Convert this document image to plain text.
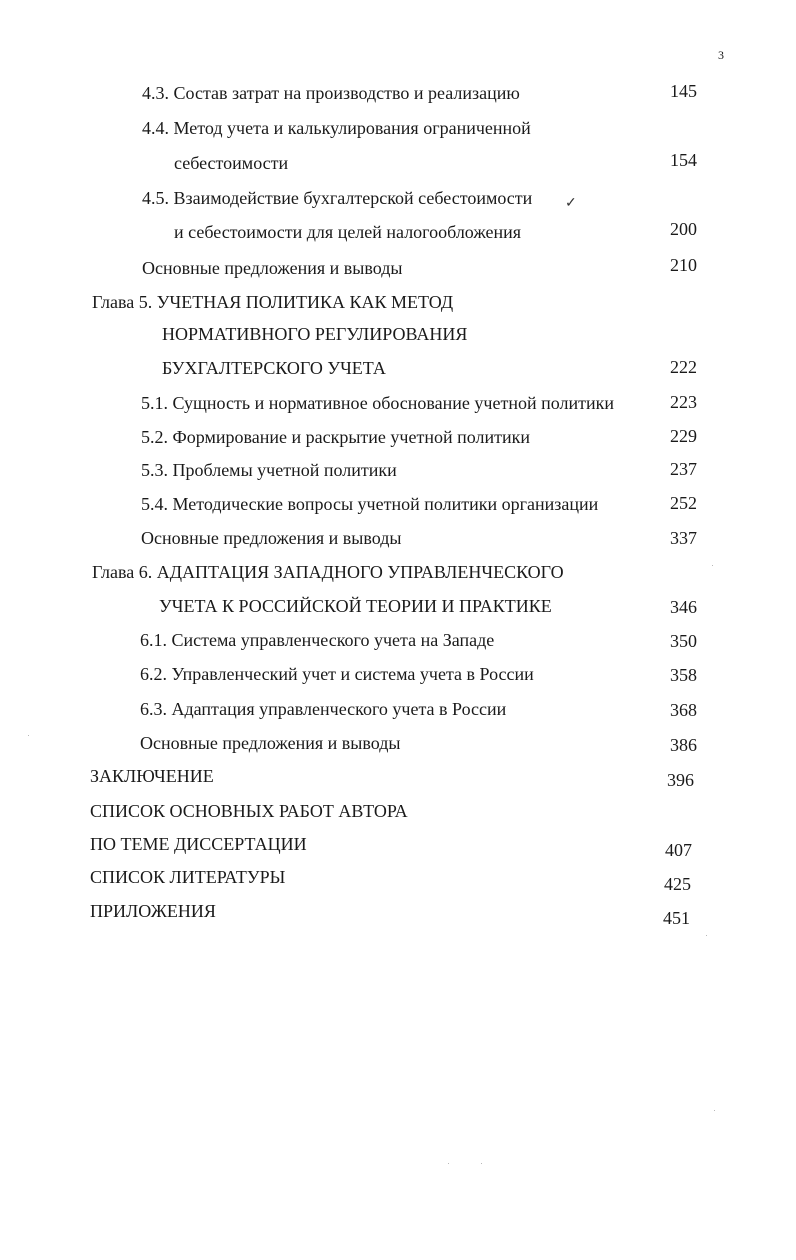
3
4.3. Состав затрат на производство и реализацию	145
4.4. Метод учета и калькулирования ограниченной
себестоимости	154
4.5. Взаимодействие бухгалтерской себестоимости ✓
и себестоимости для целей налогообложения	200
Основные предложения и выводы	210
Глава 5. УЧЕТНАЯ ПОЛИТИКА КАК МЕТОД
НОРМАТИВНОГО РЕГУЛИРОВАНИЯ
БУХГАЛТЕРСКОГО УЧЕТА	222
5.1. Сущность и нормативное обоснование учетной политики	223
5.2. Формирование и раскрытие учетной политики	229
5.3. Проблемы учетной политики	237
5.4. Методические вопросы учетной политики организации	252
Основные предложения и выводы	337
Глава 6. АДАПТАЦИЯ ЗАПАДНОГО УПРАВЛЕНЧЕСКОГО
УЧЕТА К РОССИЙСКОЙ ТЕОРИИ И ПРАКТИКЕ	346
6.1. Система управленческого учета на Западе	350
6.2. Управленческий учет и система учета в России	358
6.3. Адаптация управленческого учета в России	368
Основные предложения и выводы	386
ЗАКЛЮЧЕНИЕ	396
СПИСОК ОСНОВНЫХ РАБОТ АВТОРА
ПО ТЕМЕ ДИССЕРТАЦИИ	407
СПИСОК ЛИТЕРАТУРЫ	425
ПРИЛОЖЕНИЯ	451
